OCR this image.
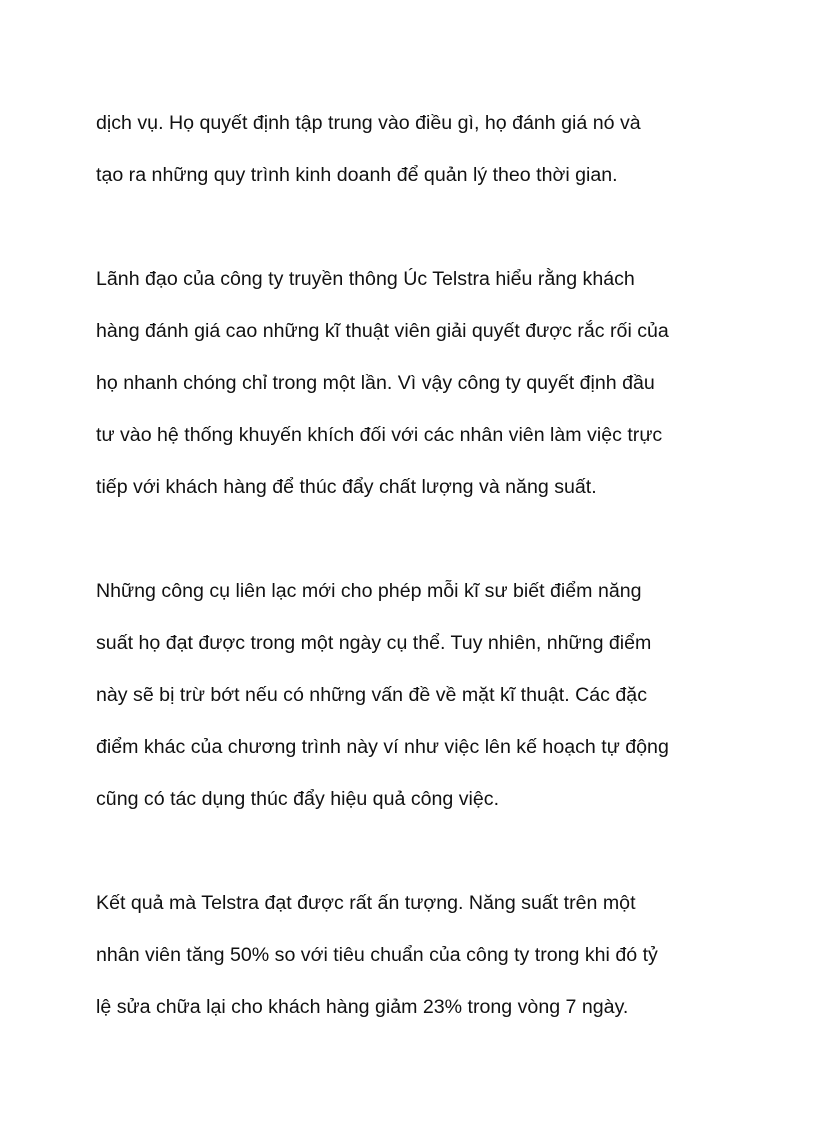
dịch vụ. Họ quyết định tập trung vào điều gì, họ đánh giá nó và
tạo ra những quy trình kinh doanh để quản lý theo thời gian.

Lãnh đạo của công ty truyền thông Úc Telstra hiểu rằng khách
hàng đánh giá cao những kĩ thuật viên giải quyết được rắc rối của
họ nhanh chóng chỉ trong một lần. Vì vậy công ty quyết định đầu
tư vào hệ thống khuyến khích đối với các nhân viên làm việc trực
tiếp với khách hàng để thúc đẩy chất lượng và năng suất.

Những công cụ liên lạc mới cho phép mỗi kĩ sư biết điểm năng
suất họ đạt được trong một ngày cụ thể. Tuy nhiên, những điểm
này sẽ bị trừ bớt nếu có những vấn đề về mặt kĩ thuật. Các đặc
điểm khác của chương trình này ví như việc lên kế hoạch tự động
cũng có tác dụng thúc đẩy hiệu quả công việc.

Kết quả mà Telstra đạt được rất ấn tượng. Năng suất trên một
nhân viên tăng 50% so với tiêu chuẩn của công ty trong khi đó tỷ
lệ sửa chữa lại cho khách hàng giảm 23% trong vòng 7 ngày.
